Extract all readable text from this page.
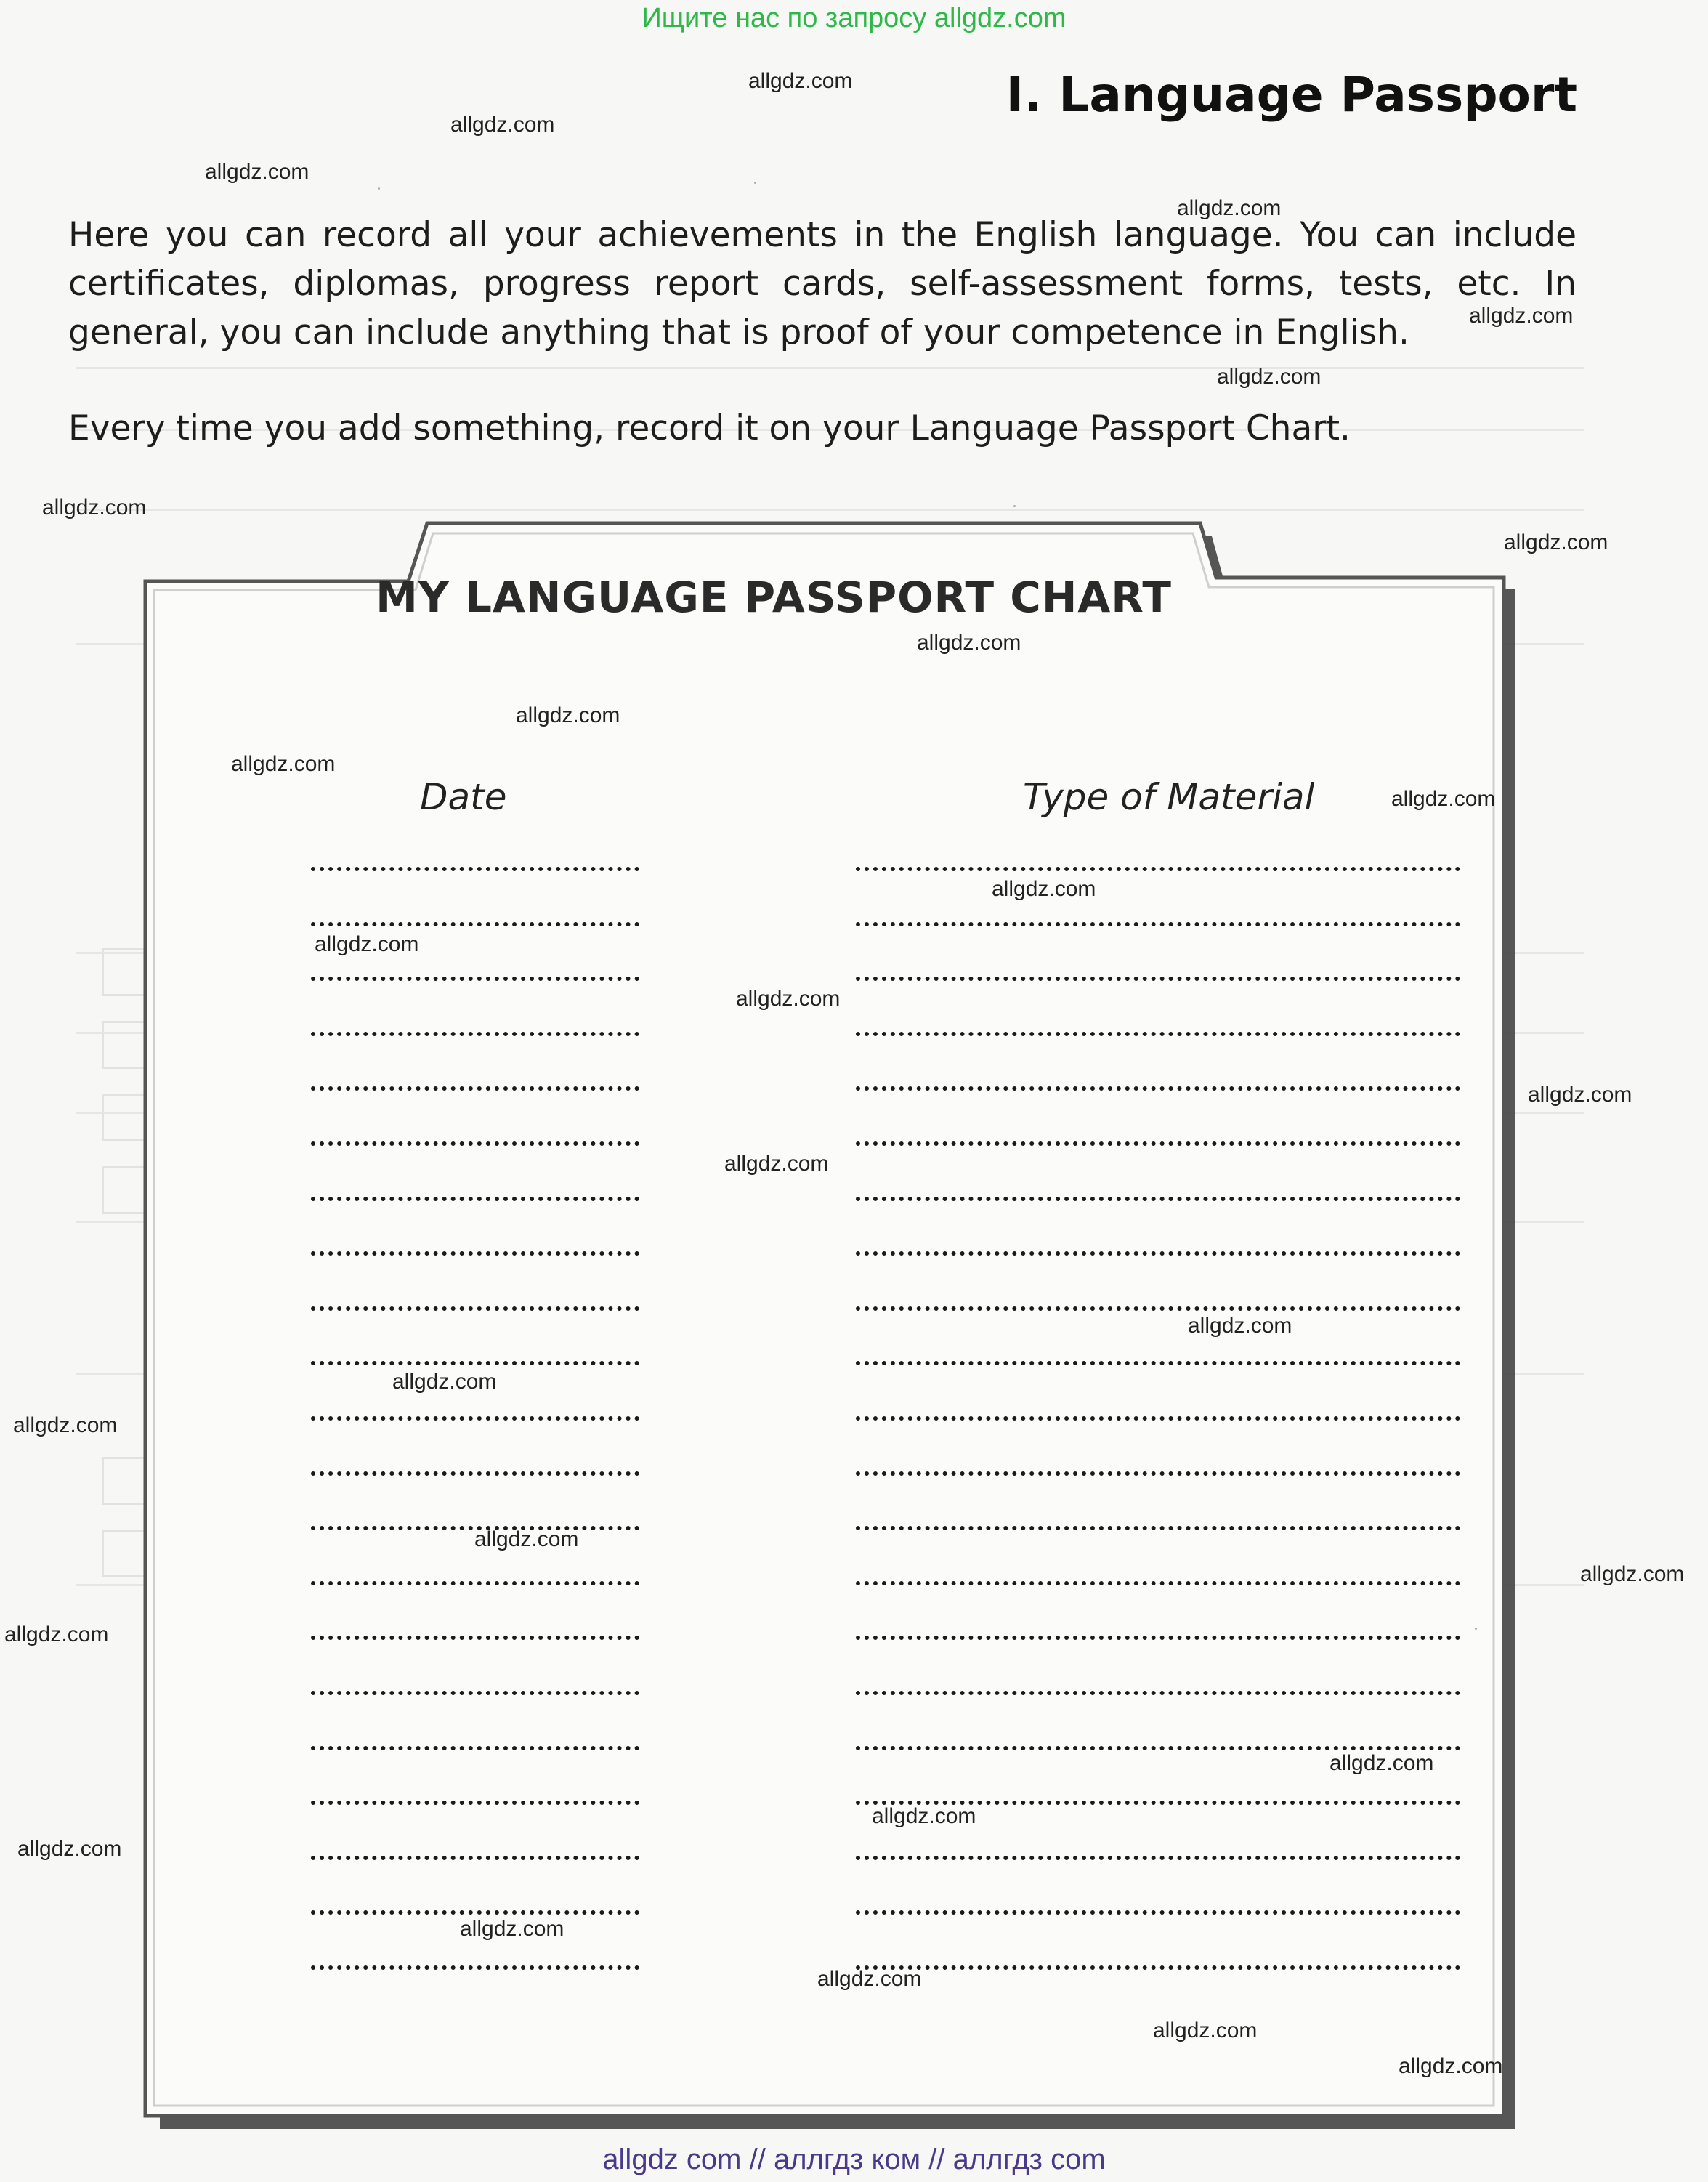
Ищите нас по запросу allgdz.com
I. Language Passport
Here you can record all your achievements in the English language. You can include certificates, diplomas, progress report cards, self-assessment forms, tests, etc. In general, you can include anything that is proof of your competence in English.
Every time you add something, record it on your Language Passport Chart.
MY LANGUAGE PASSPORT CHART
Date	Type of Material
allgdz.com
allgdz.com
allgdz.com
allgdz.com
allgdz.com
allgdz.com
allgdz.com
allgdz.com
allgdz.com
allgdz.com
allgdz.com
allgdz.com
allgdz.com
allgdz.com
allgdz.com
allgdz.com
allgdz.com
allgdz.com
allgdz.com
allgdz.com
allgdz.com
allgdz.com
allgdz.com
allgdz.com
allgdz.com
allgdz.com
allgdz.com
allgdz.com
allgdz.com
allgdz.com
allgdz com // аллгдз ком // аллгдз com
